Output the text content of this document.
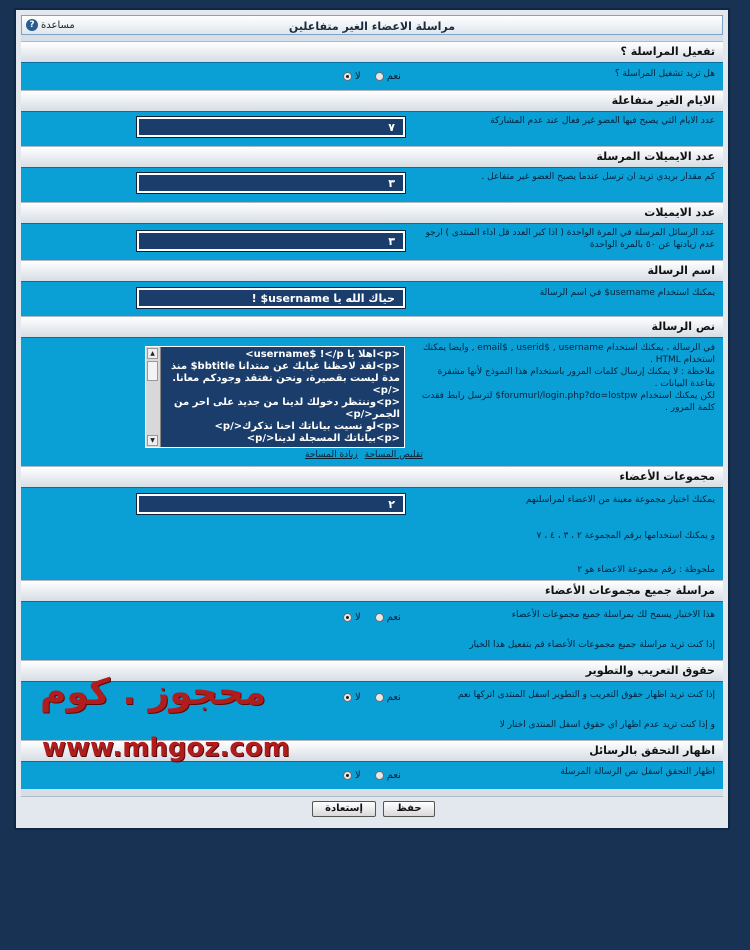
? مساعدة	مراسلة الاعضاء الغير متفاعلين
تفعيل المراسلة ؟
هل تريد تشغيل المراسلة ؟
لا	نعم
الايام الغير متفاعلة
عدد الايام التي يصبح فيها العضو غير فعال عند عدم المشاركة
٧
عدد الايميلات المرسلة
كم مقدار بريدي تريد ان ترسل عندما يصبح العضو غير متفاعل .
٣
عدد الايميلات
عدد الرسائل المرسلة في المرة الواحدة ( اذا كبر العدد قل اداء المنتدى ) ارجو عدم زيادتها عن ٥٠ بالمرة الواحدة
٣
اسم الرسالة
يمكنك استخدام username$ في اسم الرسالة
حياك الله يا username$ !
نص الرسالة
في الرسالة ، يمكنك استخدام email$ , userid$ , username , وايضا يمكنك استخدام HTML .
ملاحظة : لا يمكنك إرسال كلمات المرور باستخدام هذا النموذج لأنها مشفرة بقاعدة البيانات .
لكن يمكنك استخدام forumurl/login.php?do=lostpw$ لترسل رابط فقدت كلمة المرور .
▲
▼
<p>اهلا يا username$ !</p>
<p>لقد لاحظنا غيابك عن منتدانا bbtitle$ منذ مدة ليست بقصيرة، ونحن نفتقد وجودكم معانا.</p>
<p>وننتظر دخولك لدينا من جديد على احر من الجمر</p>
<p>لو نسيت بياناتك احنا نذكرك</p>
<p>بياناتك المسجلة لدينا</p>
تقليص المساحة زيادة المساحة
مجموعات الأعضاء
يمكنك اختيار مجموعة معينة من الاعضاء لمراسلتهم
و يمكنك استخدامها برقم المجموعة ٢ ، ٣ ، ٤ ، ٧
ملحوظة : رقم مجموعة الاعضاء هو ٢
٢
مراسلة جميع مجموعات الأعضاء
هذا الاختيار يسمح لك بمراسلة جميع مجموعات الأعضاء
إذا كنت تريد مراسلة جميع مجموعات الأعضاء قم بتفعيل هذا الخيار
لا	نعم
حقوق التعريب والتطوير
إذا كنت تريد اظهار حقوق التعريب و التطوير اسفل المنتدى اتركها نعم
و إذا كنت تريد عدم اظهار اي حقوق اسفل المنتدى اختار لا
لا	نعم
اظهار التحقق بالرسائل
اظهار التحقق اسفل نص الرسالة المرسلة
لا	نعم
إستعادة	حفظ
محجوز . كوم
www.mhgoz.com
